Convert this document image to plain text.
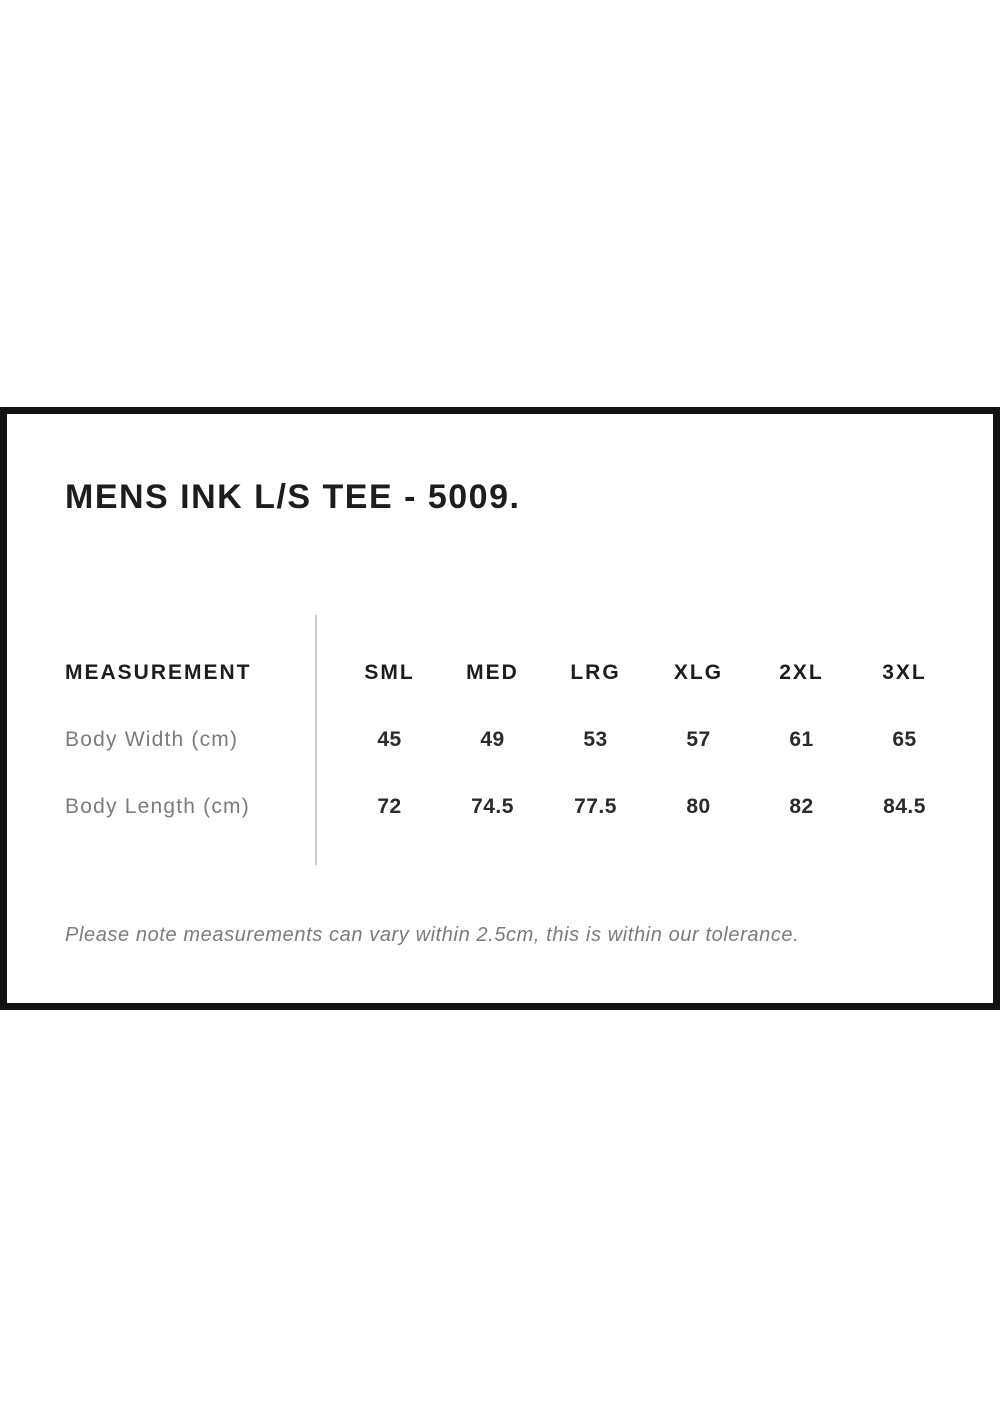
MENS INK L/S TEE - 5009.
MEASUREMENT	SML	MED	LRG	XLG	2XL	3XL
Body Width (cm)	45	49	53	57	61	65
Body Length (cm)	72	74.5	77.5	80	82	84.5

Please note measurements can vary within 2.5cm, this is within our tolerance.
